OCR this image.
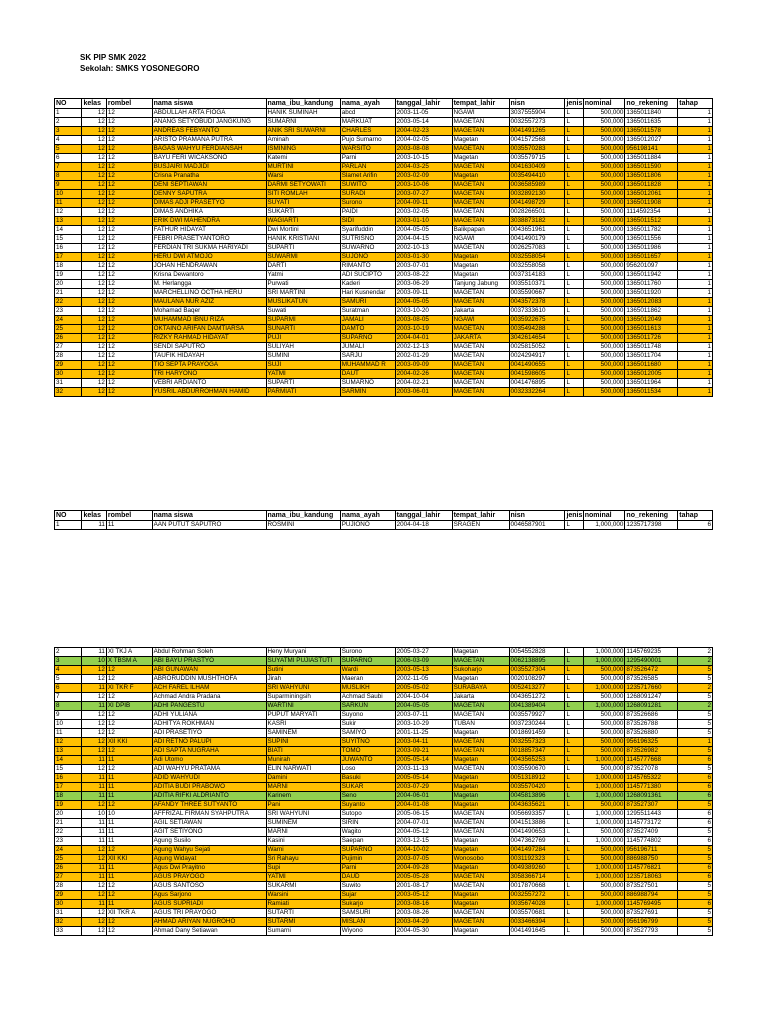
SK PIP SMK 2022
Sekolah: SMKS YOSONEGORO
NO	kelas	rombel	nama siswa	nama_ibu_kandung	nama_ayah	tanggal_lahir	tempat_lahir	nisn	jenis	nominal	no_rekening	tahap
1	12	12	ABDULLAH ARTA FIOGA	HANIK SUMINAH	abcd	2003-11-05	NGAWI	3037555904	L	500,000	1365011840	1
2	12	12	ANANG SETYOBUDI JANGKUNG	SUMARNI	MARKUAT	2003-05-14	MAGETAN	0032557273	L	500,000	1365011635	1
3	12	12	ANDREAS FEBYANTO	ANIK SRI SUWARNI	CHARLES	2004-02-23	MAGETAN	0041491265	L	500,000	1365011578	1
4	12	12	ARISTO PRAMANA PUTRA	Aminah	Pujo Sumarno	2004-02-05	Magetan	0041572568	L	500,000	1365012027	1
5	12	12	BAGAS WAHYU FERDIANSAH	ISMINING	WARSITO	2003-08-08	MAGETAN	0035570283	L	500,000	956198141	1
6	12	12	BAYU FERI WICAKSONO	Katemi	Parni	2003-10-15	Magetan	0035579715	L	500,000	1365011884	1
7	12	12	BUSJAIRI MADJIDI	MURTINI	PARLAN	2004-03-25	MAGETAN	0041630409	L	500,000	1365011590	1
8	12	12	Crisna Pranatha	Warsi	Slamet Arifin	2003-02-09	Magetan	0035494410	L	500,000	1365011806	1
9	12	12	DENI SEPTIAWAN	DARMI SETYOWATI	SUWITO	2003-10-06	MAGETAN	0036585989	L	500,000	1365011828	1
10	12	12	DENNY SAPUTRA	SITI ROMLAH	SURADI	2003-07-27	MAGETAN	0032892130	L	500,000	1365012061	1
11	12	12	DIMAS ADJI PRASETYO	SUYATI	Surono	2004-09-11	MAGETAN	0041498729	L	500,000	1365011908	1
12	12	12	DIMAS ANDHIKA	SUKARTI	PAIDI	2003-02-05	MAGETAN	0028266501	L	500,000	1114592354	1
13	12	12	ERIK DWI MAHENDRA	WAGIARTI	SIDI	2003-01-10	MAGETAN	3038873182	L	500,000	1365011512	1
14	12	12	FATHUR HIDAYAT	Dwi Mortini	Syarifuddin	2004-05-05	Balikpapan	0043651961	L	500,000	1365011782	1
15	12	12	FEBRI PRASETYANTORO	HANIK KRISTIANI	SUTRISNO	2004-04-15	NGAWI	0041490179	L	500,000	1365011556	1
16	12	12	FERDIAN TRI SUKMA HARIYADI	SUPARTI	SUWARNO	2002-10-13	MAGETAN	0026257083	L	500,000	1365011986	1
17	12	12	HERU DWI ATMOJO	SUWARMI	SUJONO	2003-01-30	Magetan	0032558054	L	500,000	1365011657	1
18	12	12	JOHAN HENDRAWAN	DARTI	RIMANTO	2003-07-01	Magetan	0032558058	L	500,000	956201097	1
19	12	12	Krisna Dewantoro	Yatmi	ADI SUCIPTO	2003-08-22	Magetan	0037314183	L	500,000	1365011942	1
20	12	12	M. Herlangga	Purwati	Kaderi	2003-06-29	Tanjung Jabung	0035510371	L	500,000	1365011760	1
21	12	12	MARCHELLINO OCTHA HERU	SRI MARTINI	Hari Kusnendar	2003-09-11	MAGETAN	0035590667	L	500,000	1365011920	1
22	12	12	MAULANA NUR AZIZ	MUSLIKATUN	SAMURI	2004-05-05	MAGETAN	0043572378	L	500,000	1365012083	1
23	12	12	Mohamad Baqer	Suwati	Suratman	2003-10-20	Jakarta	0037333610	L	500,000	1365011862	1
24	12	12	MUHAMMAD IBNU RIZA	SUPARMI	JAMALI	2003-08-05	NGAWI	0035922675	L	500,000	1365012049	1
25	12	12	OKTAINO ARIFAN DAMTIARSA	SUNARTI	DAMTO	2003-10-19	MAGETAN	0035494288	L	500,000	1365011613	1
26	12	12	RIZKY RAHMAD HIDAYAT	PUJI	SUPARNO	2004-04-01	JAKARTA	3042614654	L	500,000	1365011726	1
27	12	12	SENDI SAPUTRO	SULIYAH	JUMALI	2002-12-13	MAGETAN	0025815052	L	500,000	1365011748	1
28	12	12	TAUFIK HIDAYAH	SUMINI	SARJU	2002-01-29	MAGETAN	0024294917	L	500,000	1365011704	1
29	12	12	TIO SEPTA PRAYOGA	SUJI	MUHAMMAD R	2003-09-09	MAGETAN	0041490655	L	500,000	1365011680	1
30	12	12	TRI HARYONO	YATMI	DAUT	2004-02-26	MAGETAN	0041598605	L	500,000	1365012005	1
31	12	12	VEBRI ARDIANTO	SUPARTI	SUMARNO	2004-02-21	MAGETAN	0041476895	L	500,000	1365011964	1
32	12	12	YUSRIL ABDURROHMAN HAMID	PARMIATI	SARMIN	2003-06-01	MAGETAN	0032332264	L	500,000	1365011534	1
NO	kelas	rombel	nama siswa	nama_ibu_kandung	nama_ayah	tanggal_lahir	tempat_lahir	nisn	jenis	nominal	no_rekening	tahap
1	11	11	AAN PUTUT SAPUTRO	ROSMINI	PUJIONO	2004-04-18	SRAGEN	0046587901	L	1,000,000	1235717398	6
2	11	XI TKJ A	Abdul Rohman Soleh	Heny Muryani	Surono	2005-03-27	Magetan	0054552828	L	1,000,000	1145769235	2
3	10	X TBSM A	ABI BAYU PRASTYO	SUYATMI PUJIASTUTI	SUPARNO	2006-03-09	MAGETAN	0062138895	L	1,000,000	1295490001	2
4	12	12	ABI GUNAWAN	Sutini	Wardi	2003-05-13	Sukoharjo	0035527304	L	500,000	873526472	5
5	12	12	ABRORUDDIN MUSHTHOFA	Jirah	Maeran	2002-11-05	Magetan	0020108297	L	500,000	873526585	5
6	11	XI TKR F	ACH FAREL ILHAM	SRI WAHYUNI	MUSLIKH	2005-05-02	SURABAYA	0052413277	L	1,000,000	1235717660	2
7	12	12	Achmad Andra Pradana	Suparminingsih	Achmad Saubi	2004-10-04	Jakarta	0043651272	L	500,000	1268091247	5
8	11	XI DPIB	ADHI PANGESTU	WARTINI	SARKUN	2004-05-05	MAGETAN	0041389404	L	1,000,000	1268091281	2
9	12	12	ADHI YULIANA	PUPUT MARYATI	Suyono	2003-07-11	MAGETAN	0035579927	L	500,000	873526686	5
10	12	12	ADHITYA ROKHMAN	KASRI	Sukir	2003-10-29	TUBAN	0037230244	L	500,000	873526788	5
11	12	12	ADI PRASETIYO	SAMINEM	SAMIYO	2001-11-25	Magetan	0018691459	L	500,000	873526880	5
12	12	XII KKI	ADI RETNO PALUPI	SUPINI	SUYITNO	2003-04-11	MAGETAN	0032557323	L	500,000	956196325	1
13	12	12	ADI SAPTA NUGRAHA	BIATI	TOMO	2003-09-21	MAGETAN	0018857347	L	500,000	873526982	5
14	11	11	Adi Utomo	Munirah	JUWANTO	2005-05-14	Magetan	0043565253	L	1,000,000	1145777668	6
15	12	12	ADI WAHYU PRATAMA	ELIN NARWATI	Loso	2003-11-13	MAGETAN	0035590670	L	500,000	873527078	5
16	11	11	ADID WAHYUDI	Damini	Basuki	2005-05-14	Magetan	0051318912	L	1,000,000	1145765322	6
17	11	11	ADITIA BUDI PRABOWO	MARNI	SUKAR	2003-07-29	Magetan	0035570420	L	1,000,000	1145771380	6
18	11	11	ADITIA RIFKI ALDRIANTO	Karinem	Seno	2004-06-01	Magetan	0045813896	L	1,000,000	1268091361	6
19	12	12	AFANDY THREE SUTYANTO	Pani	Suyanto	2004-01-08	Magetan	0043635621	L	500,000	873527307	5
20	10	10	AFFRIZAL FIRMAN SYAHPUTRA	SRI WAHYUNI	Sutopo	2005-06-15	MAGETAN	0056693357	L	1,000,000	1295511443	6
21	11	11	AGIL SETIAWAN	SUMINEM	SIRIN	2004-07-01	MAGETAN	0041513886	L	1,000,000	1145773172	6
22	11	11	AGIT SETIYONO	MARNI	Wagito	2004-05-12	MAGETAN	0041490653	L	500,000	873527409	5
23	11	11	Agung Susilo	Kasini	Saepan	2003-12-15	Magetan	0047362769	L	1,000,000	1145774802	6
24	12	12	Agung Wahyu Sejati	Warni	SUPARNO	2004-10-02	Magetan	0041497284	L	500,000	956196711	5
25	12	XII KKI	Agung Widayat	Sri Rahayu	Pujimin	2003-07-05	Wonosobo	0031192323	L	500,000	886988750	5
26	11	11	Agus Dwi Prayitno	Supi	Parni	2004-09-28	Magetan	0049389260	L	1,000,000	1145776821	6
27	11	11	AGUS PRAYOGO	YATMI	DAUD	2005-05-28	MAGETAN	3058366714	L	1,000,000	1235718063	6
28	12	12	AGUS SANTOSO	SUKARMI	Suwito	2001-08-17	MAGETAN	0017870668	L	500,000	873527501	5
29	12	12	Agus Sarjono	Warsini	Sujar	2003-05-12	Magetan	0032557272	L	500,000	886988794	5
30	11	11	AGUS SUPRIADI	Ramiati	Sukarjo	2003-08-16	Magetan	0035674028	L	1,000,000	1145769495	6
31	12	XII TKR A	AGUS TRI PRAYOGO	SUTARTI	SAMSURI	2003-08-26	MAGETAN	0035570681	L	500,000	873527691	5
32	12	12	AHMAD ARIYAN NUGROHO	SUTARMI	MISLAN	2003-04-29	MAGETAN	0033466394	L	500,000	956196799	5
33	12	12	Ahmad Dany Setiawan	Sumarni	Wiyono	2004-05-30	Magetan	0041491645	L	500,000	873527793	5
